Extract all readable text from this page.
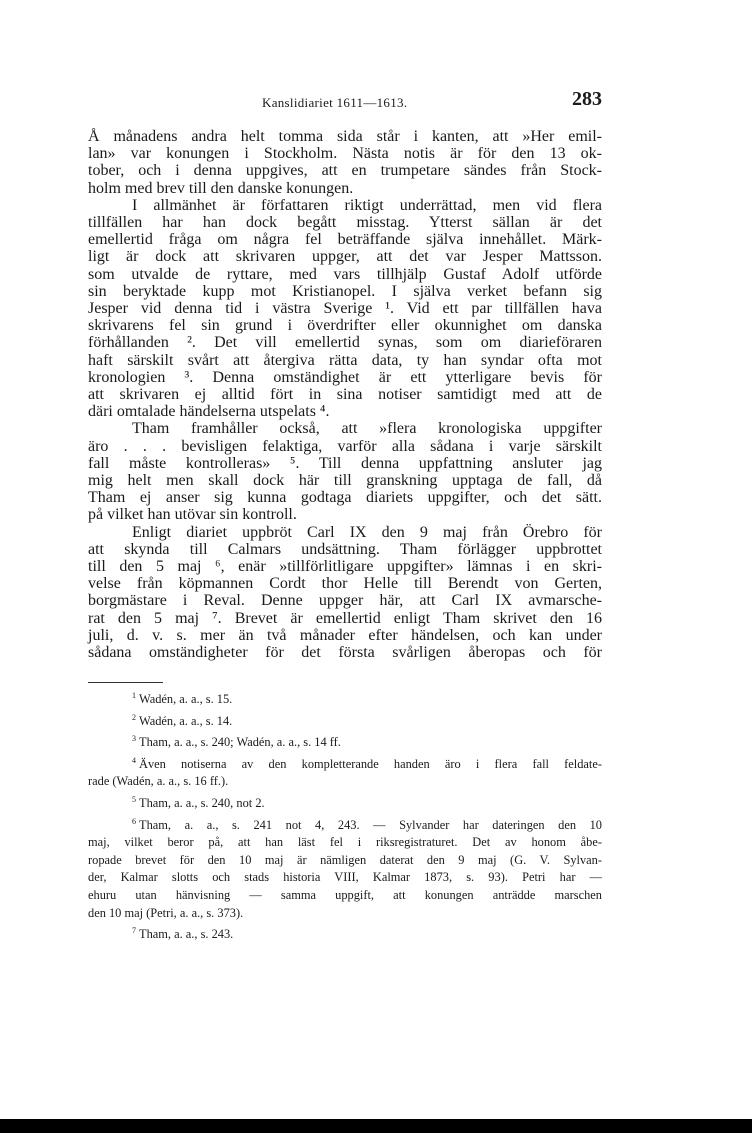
Kanslidiariet 1611—1613.	283

Å månadens andra helt tomma sida står i kanten, att »Her emil-

lan» var konungen i Stockholm. Nästa notis är för den 13 ok-

tober, och i denna uppgives, att en trumpetare sändes från Stock-

holm med brev till den danske konungen.

I allmänhet är författaren riktigt underrättad, men vid flera

tillfällen har han dock begått misstag. Ytterst sällan är det

emellertid fråga om några fel beträffande själva innehållet. Märk-

ligt är dock att skrivaren uppger, att det var Jesper Mattsson.

som utvalde de ryttare, med vars tillhjälp Gustaf Adolf utförde

sin beryktade kupp mot Kristianopel. I själva verket befann sig

Jesper vid denna tid i västra Sverige ¹. Vid ett par tillfällen hava

skrivarens fel sin grund i överdrifter eller okunnighet om danska

förhållanden ². Det vill emellertid synas, som om diarieföraren

haft särskilt svårt att återgiva rätta data, ty han syndar ofta mot

kronologien ³. Denna omständighet är ett ytterligare bevis för

att skrivaren ej alltid fört in sina notiser samtidigt med att de

däri omtalade händelserna utspelats ⁴.

Tham framhåller också, att »flera kronologiska uppgifter

äro . . . bevisligen felaktiga, varför alla sådana i varje särskilt

fall måste kontrolleras» ⁵. Till denna uppfattning ansluter jag

mig helt men skall dock här till granskning upptaga de fall, då

Tham ej anser sig kunna godtaga diariets uppgifter, och det sätt.

på vilket han utövar sin kontroll.

Enligt diariet uppbröt Carl IX den 9 maj från Örebro för

att skynda till Calmars undsättning. Tham förlägger uppbrottet

till den 5 maj ⁶, enär »tillförlitligare uppgifter» lämnas i en skri-

velse från köpmannen Cordt thor Helle till Berendt von Gerten,

borgmästare i Reval. Denne uppger här, att Carl IX avmarsche-

rat den 5 maj ⁷. Brevet är emellertid enligt Tham skrivet den 16

juli, d. v. s. mer än två månader efter händelsen, och kan under

sådana omständigheter för det första svårligen åberopas och för

$^1$ Wadén, a. a., s. 15.

$^2$ Wadén, a. a., s. 14.

$^3$ Tham, a. a., s. 240; Wadén, a. a., s. 14 ff.

$^4$ Även notiserna av den kompletterande handen äro i flera fall feldate-

rade (Wadén, a. a., s. 16 ff.).

$^5$ Tham, a. a., s. 240, not 2.

$^6$ Tham, a. a., s. 241 not 4, 243. — Sylvander har dateringen den 10

maj, vilket beror på, att han läst fel i riksregistraturet. Det av honom åbe-

ropade brevet för den 10 maj är nämligen daterat den 9 maj (G. V. Sylvan-

der, Kalmar slotts och stads historia VIII, Kalmar 1873, s. 93). Petri har —

ehuru utan hänvisning — samma uppgift, att konungen anträdde marschen

den 10 maj (Petri, a. a., s. 373).

$^7$ Tham, a. a., s. 243.
